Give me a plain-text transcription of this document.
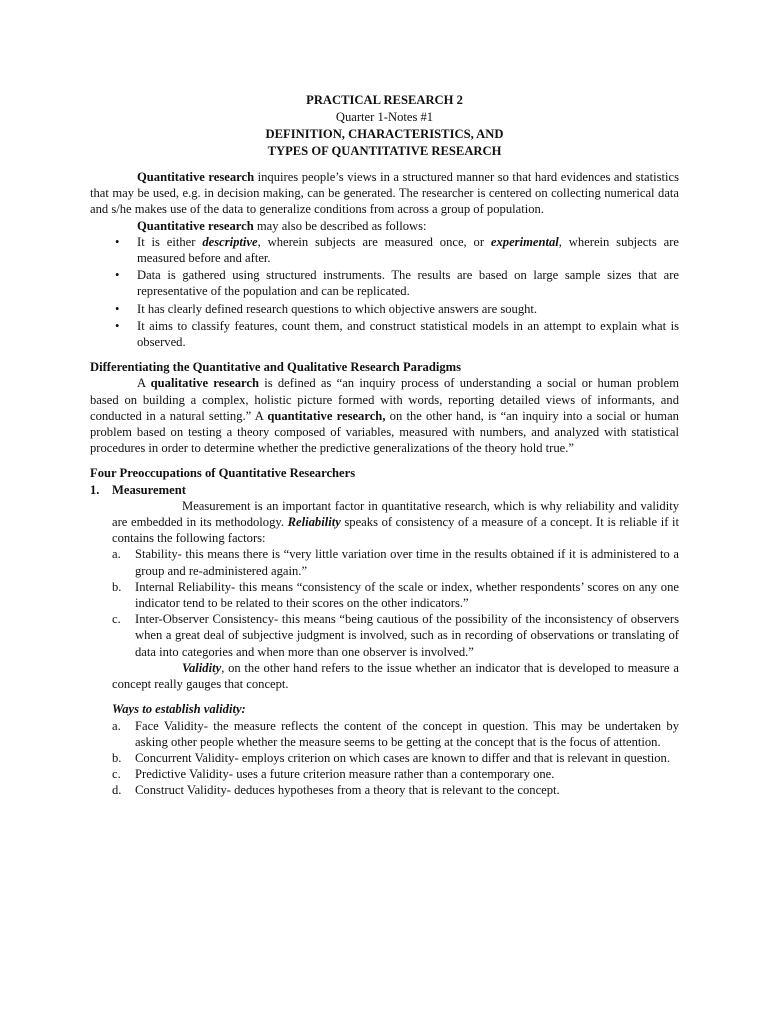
PRACTICAL RESEARCH 2
Quarter 1-Notes #1
DEFINITION, CHARACTERISTICS, AND
TYPES OF QUANTITATIVE RESEARCH

Quantitative research inquires people’s views in a structured manner so that hard evidences and statistics that may be used, e.g. in decision making, can be generated. The researcher is centered on collecting numerical data and s/he makes use of the data to generalize conditions from across a group of population.

Quantitative research may also be described as follows:

• It is either descriptive, wherein subjects are measured once, or experimental, wherein subjects are measured before and after.
• Data is gathered using structured instruments. The results are based on large sample sizes that are representative of the population and can be replicated.
• It has clearly defined research questions to which objective answers are sought.
• It aims to classify features, count them, and construct statistical models in an attempt to explain what is observed.
Differentiating the Quantitative and Qualitative Research Paradigms

A qualitative research is defined as “an inquiry process of understanding a social or human problem based on building a complex, holistic picture formed with words, reporting detailed views of informants, and conducted in a natural setting.” A quantitative research, on the other hand, is “an inquiry into a social or human problem based on testing a theory composed of variables, measured with numbers, and analyzed with statistical procedures in order to determine whether the predictive generalizations of the theory hold true.”

Four Preoccupations of Quantitative Researchers
1. Measurement

Measurement is an important factor in quantitative research, which is why reliability and validity are embedded in its methodology. Reliability speaks of consistency of a measure of a concept. It is reliable if it contains the following factors:

a. Stability- this means there is “very little variation over time in the results obtained if it is administered to a group and re-administered again.”
b. Internal Reliability- this means “consistency of the scale or index, whether respondents’ scores on any one indicator tend to be related to their scores on the other indicators.”
c. Inter-Observer Consistency- this means “being cautious of the possibility of the inconsistency of observers when a great deal of subjective judgment is involved, such as in recording of observations or translating of data into categories and when more than one observer is involved.”

Validity, on the other hand refers to the issue whether an indicator that is developed to measure a concept really gauges that concept.

Ways to establish validity:
a. Face Validity- the measure reflects the content of the concept in question. This may be undertaken by asking other people whether the measure seems to be getting at the concept that is the focus of attention.
b. Concurrent Validity- employs criterion on which cases are known to differ and that is relevant in question.
c. Predictive Validity- uses a future criterion measure rather than a contemporary one.
d. Construct Validity- deduces hypotheses from a theory that is relevant to the concept.
